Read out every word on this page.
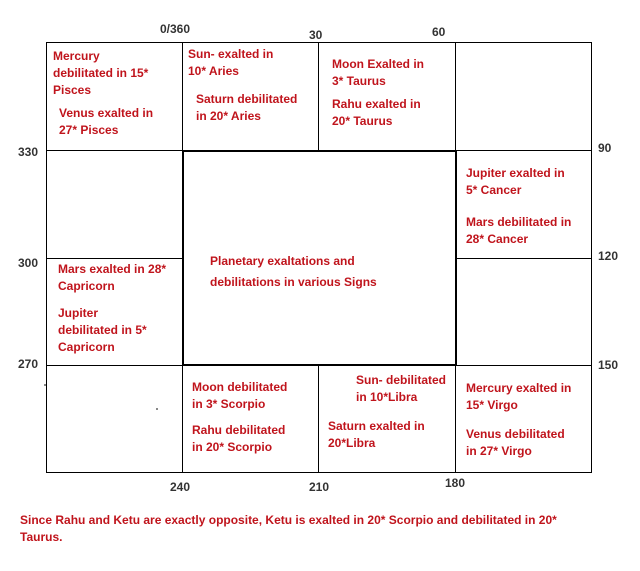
0/360	30	60
90
120
150
180
210
240
270
300
330
Mercury
debilitated in 15*
Pisces
Venus exalted in
27* Pisces
Sun- exalted in
10* Aries
Saturn debilitated
in 20* Aries
Moon Exalted in
3* Taurus
Rahu exalted in
20* Taurus
Jupiter exalted in
5* Cancer
Mars debilitated in
28* Cancer
Mars exalted in 28*
Capricorn
Jupiter
debilitated in 5*
Capricorn
Planetary exaltations and
debilitations in various Signs
Moon debilitated
in 3* Scorpio
Rahu debilitated
in 20* Scorpio
Sun- debilitated
in 10*Libra
Saturn exalted in
20*Libra
Mercury exalted in
15* Virgo
Venus debilitated
in 27* Virgo
Since Rahu and Ketu are exactly opposite, Ketu is exalted in 20* Scorpio and debilitated in 20* Taurus.
